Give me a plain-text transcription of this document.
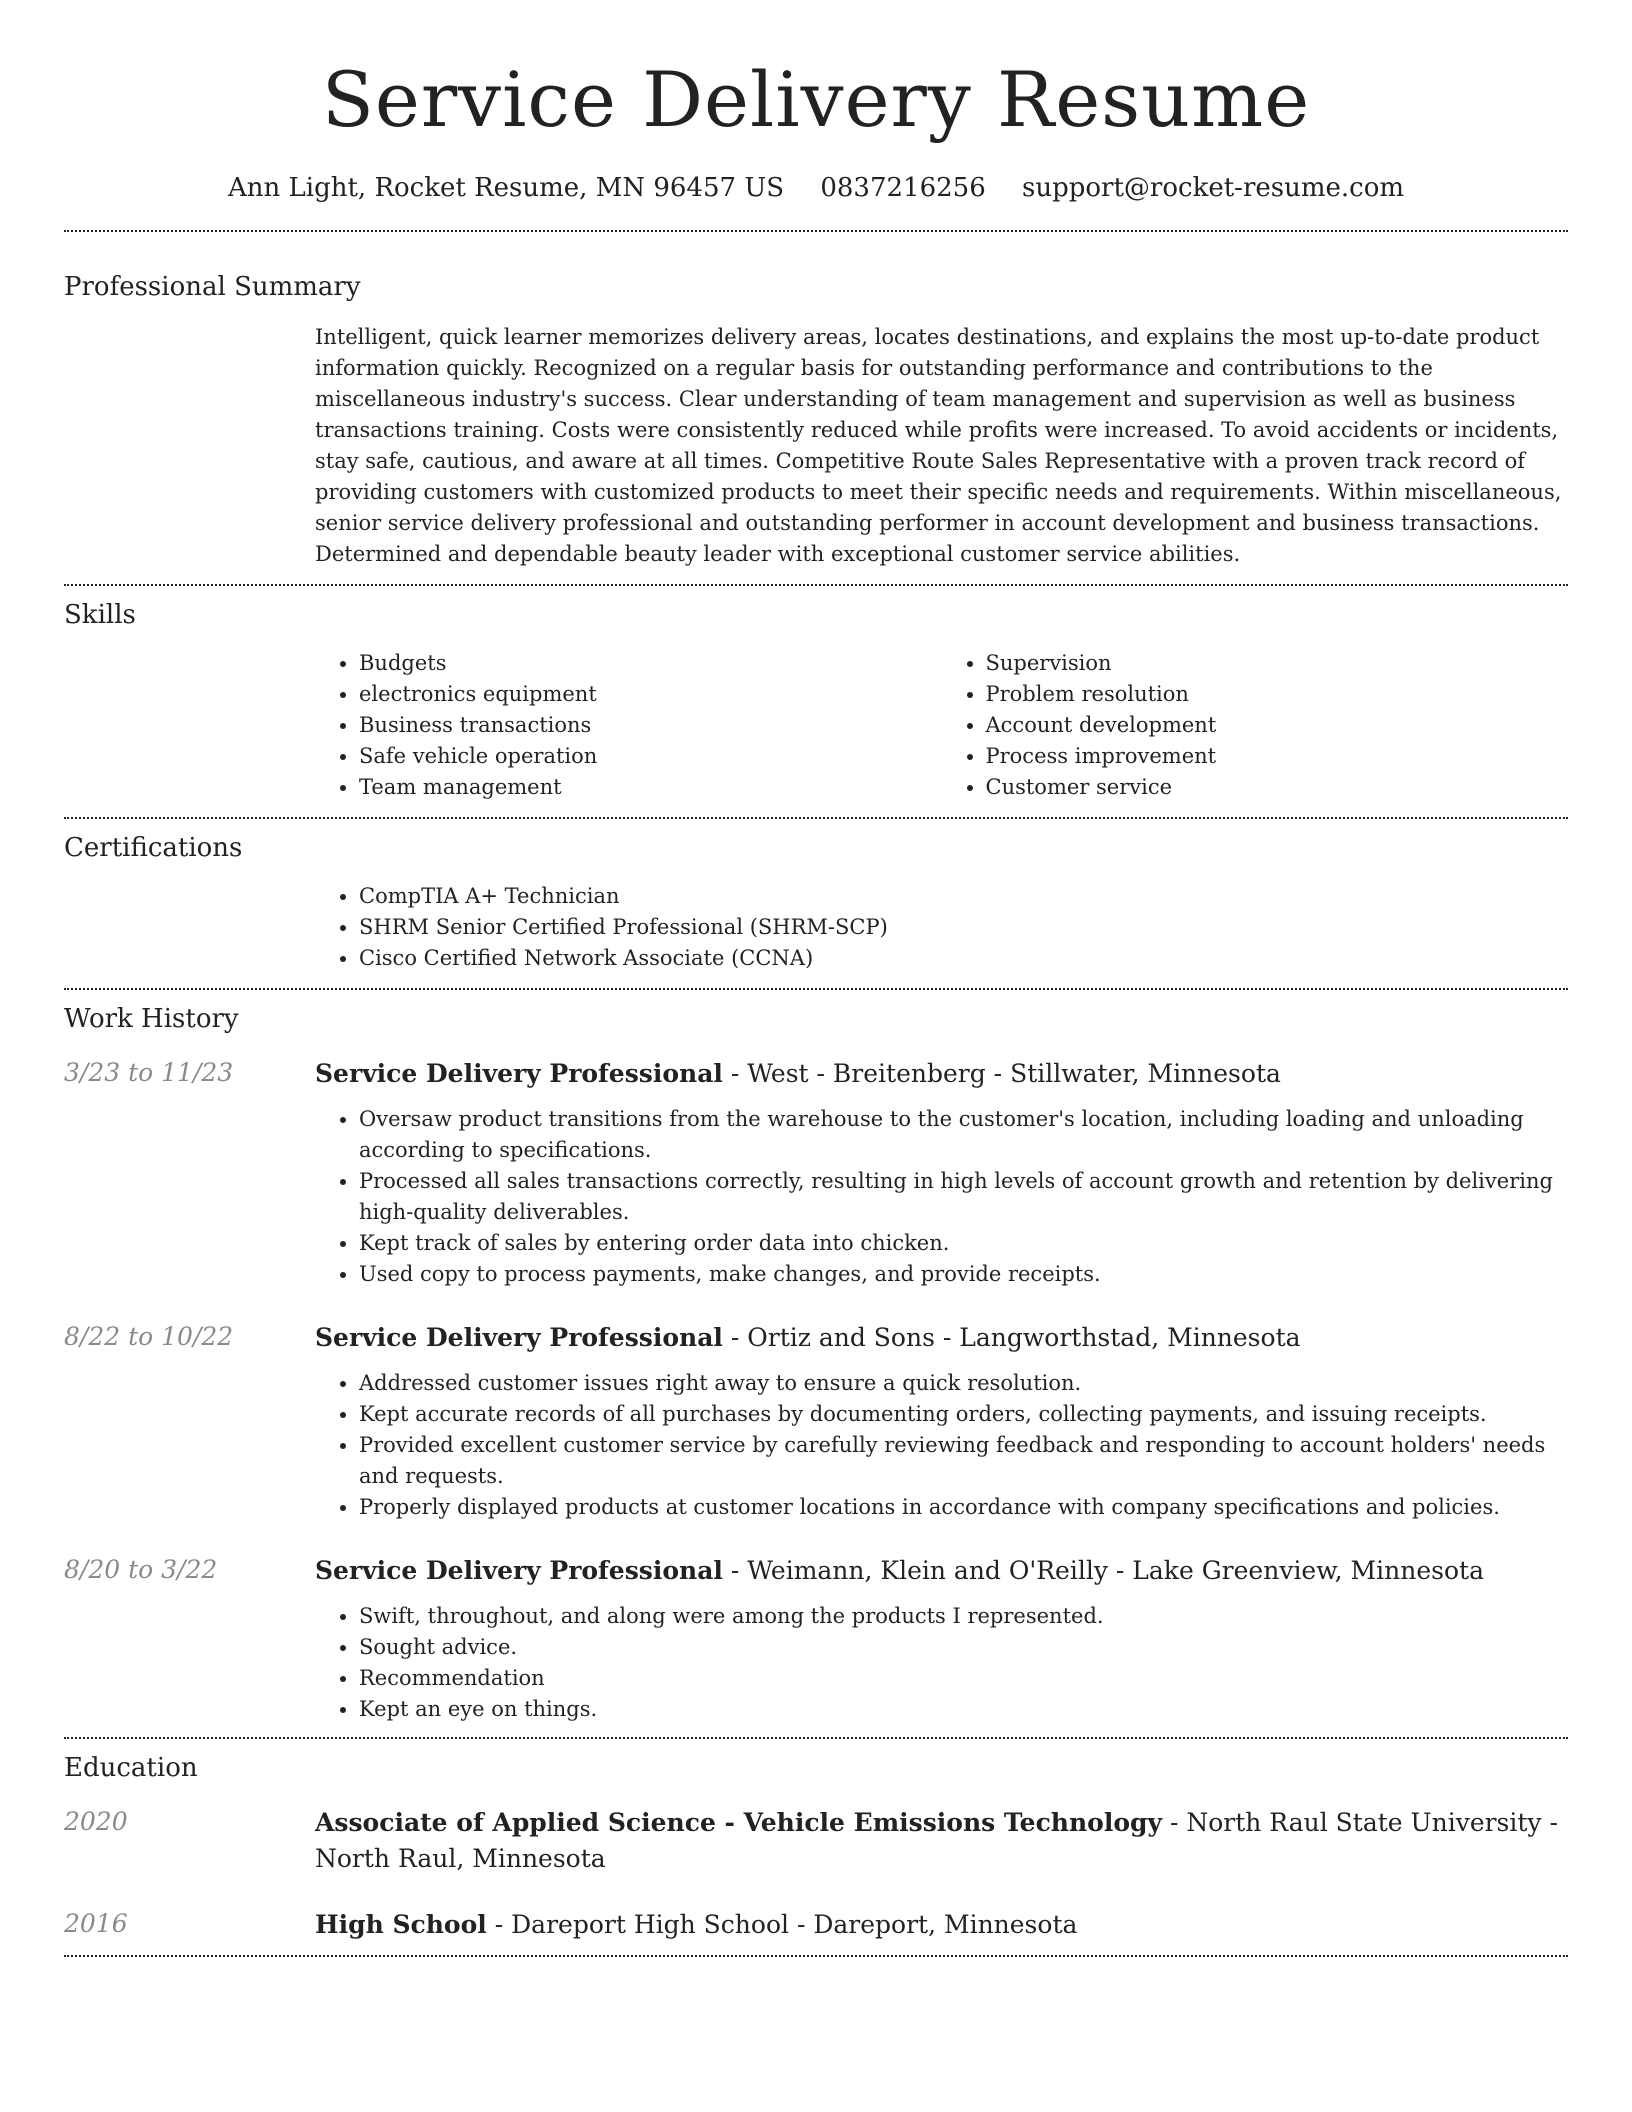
Service Delivery Resume
Ann Light, Rocket Resume, MN 96457 US 0837216256 support@rocket-resume.com
Professional Summary

Intelligent, quick learner memorizes delivery areas, locates destinations, and explains the most up-to-date product information quickly. Recognized on a regular basis for outstanding performance and contributions to the miscellaneous industry's success. Clear understanding of team management and supervision as well as business transactions training. Costs were consistently reduced while profits were increased. To avoid accidents or incidents, stay safe, cautious, and aware at all times. Competitive Route Sales Representative with a proven track record of providing customers with customized products to meet their specific needs and requirements. Within miscellaneous, senior service delivery professional and outstanding performer in account development and business transactions. Determined and dependable beauty leader with exceptional customer service abilities.

Skills
• Budgets
• electronics equipment
• Business transactions
• Safe vehicle operation
• Team management
• Supervision
• Problem resolution
• Account development
• Process improvement
• Customer service
Certifications
• CompTIA A+ Technician
• SHRM Senior Certified Professional (SHRM-SCP)
• Cisco Certified Network Associate (CCNA)
Work History
3/23 to 11/23	Service Delivery Professional - West - Breitenberg - Stillwater, Minnesota
• Oversaw product transitions from the warehouse to the customer's location, including loading and unloading according to specifications.
• Processed all sales transactions correctly, resulting in high levels of account growth and retention by delivering high-quality deliverables.
• Kept track of sales by entering order data into chicken.
• Used copy to process payments, make changes, and provide receipts.
8/22 to 10/22	Service Delivery Professional - Ortiz and Sons - Langworthstad, Minnesota
• Addressed customer issues right away to ensure a quick resolution.
• Kept accurate records of all purchases by documenting orders, collecting payments, and issuing receipts.
• Provided excellent customer service by carefully reviewing feedback and responding to account holders' needs and requests.
• Properly displayed products at customer locations in accordance with company specifications and policies.
8/20 to 3/22	Service Delivery Professional - Weimann, Klein and O'Reilly - Lake Greenview, Minnesota
• Swift, throughout, and along were among the products I represented.
• Sought advice.
• Recommendation
• Kept an eye on things.
Education
2020	Associate of Applied Science - Vehicle Emissions Technology - North Raul State University - North Raul, Minnesota
2016	High School - Dareport High School - Dareport, Minnesota
